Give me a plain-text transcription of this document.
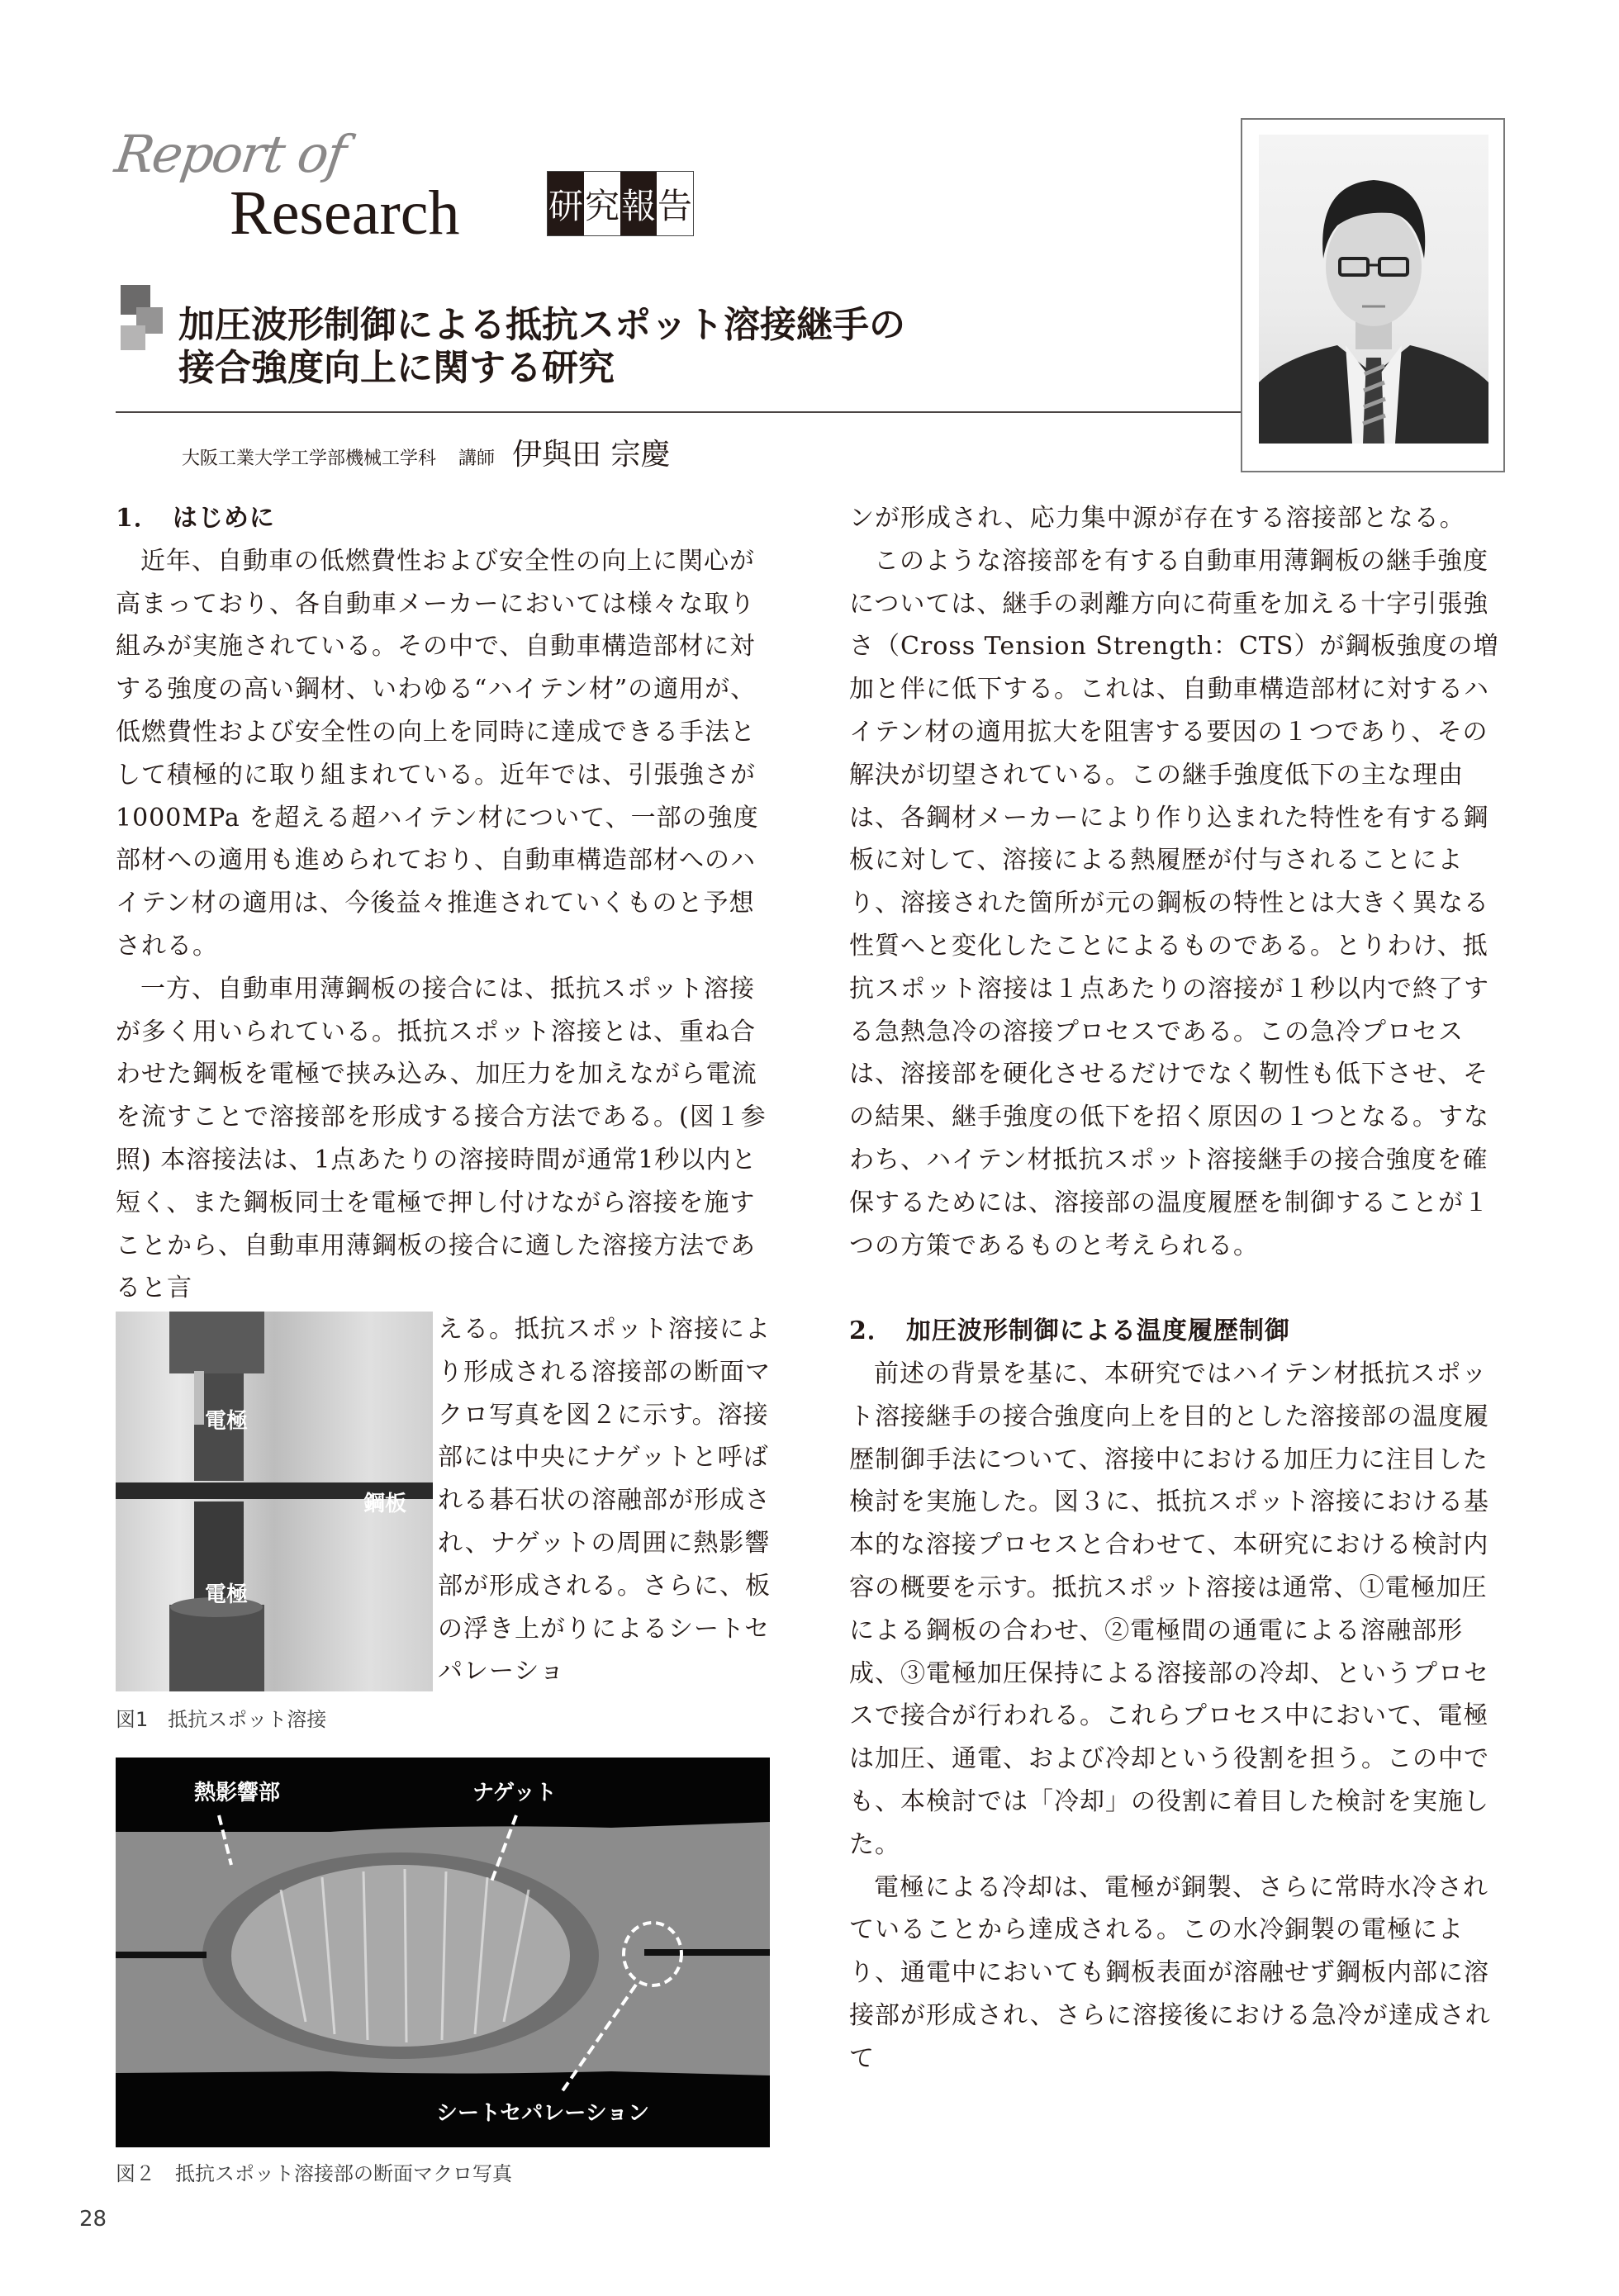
Report of
Research	研 究 報 告
加圧波形制御による抵抗スポット溶接継手の
接合強度向上に関する研究
大阪工業大学工学部機械工学科 講師 伊與田 宗慶

1．　はじめに

近年、自動車の低燃費性および安全性の向上に関心が高まっており、各自動車メーカーにおいては様々な取り組みが実施されている。その中で、自動車構造部材に対する強度の高い鋼材、いわゆる“ハイテン材”の適用が、低燃費性および安全性の向上を同時に達成できる手法として積極的に取り組まれている。近年では、引張強さが1000MPa を超える超ハイテン材について、一部の強度部材への適用も進められており、自動車構造部材へのハイテン材の適用は、今後益々推進されていくものと予想される。

一方、自動車用薄鋼板の接合には、抵抗スポット溶接が多く用いられている。抵抗スポット溶接とは、重ね合わせた鋼板を電極で挟み込み、加圧力を加えながら電流を流すことで溶接部を形成する接合方法である。(図１参照) 本溶接法は、1点あたりの溶接時間が通常1秒以内と短く、また鋼板同士を電極で押し付けながら溶接を施すことから、自動車用薄鋼板の接合に適した溶接方法であると言

電極
鋼板
電極
図1　抵抗スポット溶接
える。抵抗スポット溶接により形成される溶接部の断面マクロ写真を図２に示す。溶接部には中央にナゲットと呼ばれる碁石状の溶融部が形成され、ナゲットの周囲に熱影響部が形成される。さらに、板の浮き上がりによるシートセパレーショ
熱影響部	ナゲット
シートセパレーション
図２　抵抗スポット溶接部の断面マクロ写真

ンが形成され、応力集中源が存在する溶接部となる。

このような溶接部を有する自動車用薄鋼板の継手強度については、継手の剥離方向に荷重を加える十字引張強さ（Cross Tension Strength：CTS）が鋼板強度の増加と伴に低下する。これは、自動車構造部材に対するハイテン材の適用拡大を阻害する要因の１つであり、その解決が切望されている。この継手強度低下の主な理由は、各鋼材メーカーにより作り込まれた特性を有する鋼板に対して、溶接による熱履歴が付与されることにより、溶接された箇所が元の鋼板の特性とは大きく異なる性質へと変化したことによるものである。とりわけ、抵抗スポット溶接は１点あたりの溶接が１秒以内で終了する急熱急冷の溶接プロセスである。この急冷プロセスは、溶接部を硬化させるだけでなく靭性も低下させ、その結果、継手強度の低下を招く原因の１つとなる。すなわち、ハイテン材抵抗スポット溶接継手の接合強度を確保するためには、溶接部の温度履歴を制御することが１つの方策であるものと考えられる。

2．　加圧波形制御による温度履歴制御

前述の背景を基に、本研究ではハイテン材抵抗スポット溶接継手の接合強度向上を目的とした溶接部の温度履歴制御手法について、溶接中における加圧力に注目した検討を実施した。図３に、抵抗スポット溶接における基本的な溶接プロセスと合わせて、本研究における検討内容の概要を示す。抵抗スポット溶接は通常、①電極加圧による鋼板の合わせ、②電極間の通電による溶融部形成、③電極加圧保持による溶接部の冷却、というプロセスで接合が行われる。これらプロセス中において、電極は加圧、通電、および冷却という役割を担う。この中でも、本検討では「冷却」の役割に着目した検討を実施した。

電極による冷却は、電極が銅製、さらに常時水冷されていることから達成される。この水冷銅製の電極により、通電中においても鋼板表面が溶融せず鋼板内部に溶接部が形成され、さらに溶接後における急冷が達成されて

28
